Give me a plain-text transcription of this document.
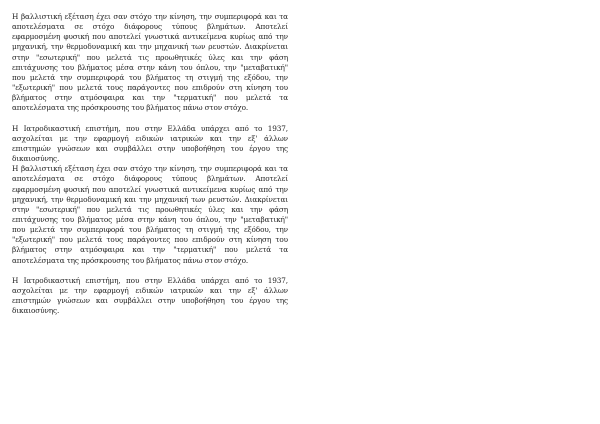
Η βαλλιστική εξέταση έχει σαν στόχο την κίνηση, την συμπεριφορά και τα αποτελέσματα σε στόχο διάφορους τύπους βλημάτων. Αποτελεί εφαρμοσμένη φυσική που αποτελεί γνωστικά αντικείμενα κυρίως από την μηχανική, την θερμοδυναμική και την μηχανική των ρευστών. Διακρίνεται στην "εσωτερική" που μελετά τις προωθητικές ύλες και την φάση επιτάχυνσης του βλήματος μέσα στην κάνη του όπλου, την "μεταβατική" που μελετά την συμπεριφορά του βλήματος τη στιγμή της εξόδου, την "εξωτερική" που μελετά τους παράγοντες που επιδρούν στη κίνηση του βλήματος στην ατμόσφαιρα και την "τερματική" που μελετά τα αποτελέσματα της πρόσκρουσης του βλήματος πάνω στον στόχο.

Η Ιατροδικαστική επιστήμη, που στην Ελλάδα υπάρχει από το 1937, ασχολείται με την εφαρμογή ειδικών ιατρικών και την εξ' άλλων επιστημών γνώσεων και συμβάλλει στην υποβοήθηση του έργου της δικαιοσύνης.

Η βαλλιστική εξέταση έχει σαν στόχο την κίνηση, την συμπεριφορά και τα αποτελέσματα σε στόχο διάφορους τύπους βλημάτων. Αποτελεί εφαρμοσμένη φυσική που αποτελεί γνωστικά αντικείμενα κυρίως από την μηχανική, την θερμοδυναμική και την μηχανική των ρευστών. Διακρίνεται στην "εσωτερική" που μελετά τις προωθητικές ύλες και την φάση επιτάχυνσης του βλήματος μέσα στην κάνη του όπλου, την "μεταβατική" που μελετά την συμπεριφορά του βλήματος τη στιγμή της εξόδου, την "εξωτερική" που μελετά τους παράγοντες που επιδρούν στη κίνηση του βλήματος στην ατμόσφαιρα και την "τερματική" που μελετά τα αποτελέσματα της πρόσκρουσης του βλήματος πάνω στον στόχο.

Η Ιατροδικαστική επιστήμη, που στην Ελλάδα υπάρχει από το 1937, ασχολείται με την εφαρμογή ειδικών ιατρικών και την εξ' άλλων επιστημών γνώσεων και συμβάλλει στην υποβοήθηση του έργου της δικαιοσύνης.
